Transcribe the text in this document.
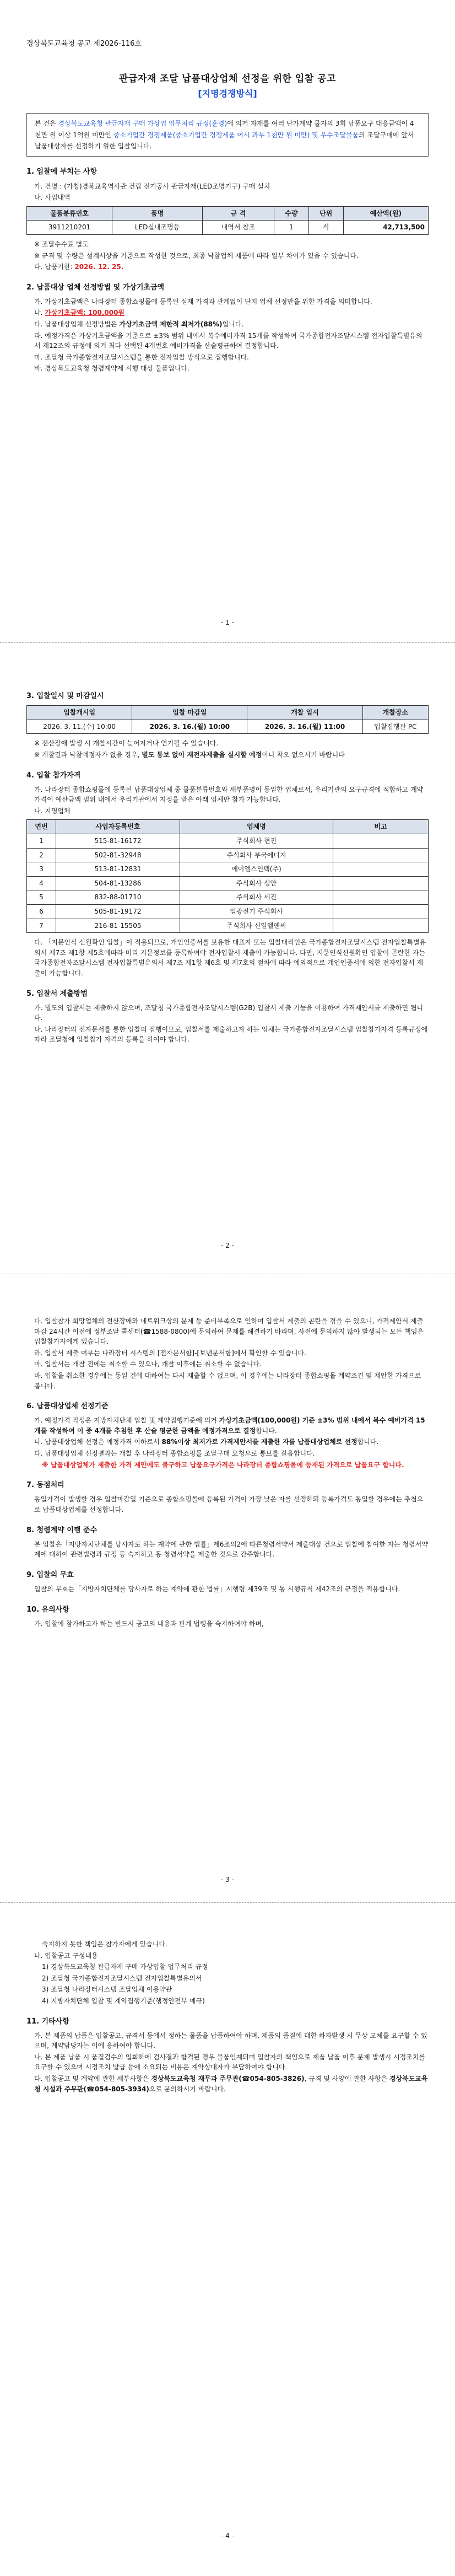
경상북도교육청 공고 제2026-116호
관급자재 조달 납품대상업체 선정을 위한 입찰 공고
[지명경쟁방식]
본 건은 경상북도교육청 관급자재 구매 가상업 업무처리 규정(훈령)에 의거 자재를 여러 단가계약 물자의 3회 납품요구 대응금액이 4천만 원 이상 1억원 미만인 중소기업간 경쟁제품(중소기업간 경쟁제품 여시 과부 1천만 원 미만) 및 우수조달물품의 조달구매에 앞서 납품대상자를 선정하기 위한 입찰입니다.
1. 입찰에 부치는 사항

가. 건명 : (가칭)경북교육역사관 건립 전기공사 관급자재(LED조명기구) 구매 설치

나. 사업내역

물품분류번호	품명	규 격	수량	단위	예산액(원)
3911210201	LED실내조명등	내역서 참조	1	식	42,713,500

※ 조달수수료 별도

※ 규격 및 수량은 설계서상을 기준으로 작성한 것으로, 최종 낙찰업체 제품에 따라 일부 차이가 있을 수 있습니다.

다. 납품기한: 2026. 12. 25.

2. 납품대상 업체 선정방법 및 가상기초금액

가. 가상기초금액은 나라장터 종합쇼핑몰에 등록된 실제 가격과 관계없이 단지 업체 선정만을 위한 가격을 의미합니다.

나. 가상기초금액: 100,000원

다. 납품대상업체 선정방법은 가상기초금액 제한적 최저가(88%)입니다.

라. 예정가격은 가상기초금액을 기준으로 ±3% 범위 내에서 복수예비가격 15개를 작성하여 국가종합전자조달시스템 전자입찰특별유의서 제12조의 규정에 의거 최다 선택된 4개번호 예비가격을 산술평균하여 결정합니다.

마. 조달청 국가종합전자조달시스템을 통한 전자입찰 방식으로 집행합니다.

바. 경상북도교육청 청렴계약제 시행 대상 물품입니다.

- 1 -
3. 입찰일시 및 마감일시
입찰개시일	입찰 마감일	개찰 일시	개찰장소
2026. 3. 11.(수) 10:00	2026. 3. 16.(월) 10:00	2026. 3. 16.(월) 11:00	입찰집행관 PC

※ 전산장애 발생 시 개찰시간이 늦어지거나 연기될 수 있습니다.

※ 개찰결과 낙찰예정자가 없을 경우, 별도 통보 없이 재전자제출을 실시할 예정이니 착오 없으시기 바랍니다

4. 입찰 참가자격

가. 나라장터 종합쇼핑몰에 등록된 납품대상업체 중 물품분류번호와 세부품명이 동일한 업체로서, 우리기관의 요구규격에 적합하고 계약가격이 예산금액 범위 내에서 우리기관에서 지정을 받은 아래 업체만 참가 가능합니다.

나. 지명업체

연번	사업자등록번호	업체명	비고
1	515-81-16172	주식회사 현진	
2	502-81-32948	주식회사 부국에너지	
3	513-81-12831	에이엘스인텍(주)	
4	504-81-13286	주식회사 성안	
5	832-88-01710	주식회사 세진	
6	505-81-19172	일광전기 주식회사	
7	216-81-15505	주식회사 신일엘앤씨	

다. 「지문인식 신원확인 입찰」이 적용되므로, 개인인증서를 보유한 대표자 또는 입찰대리인은 국가종합전자조달시스템 전자입찰특별유의서 제7조 제1항 제5호에따라 미리 지문정보를 등록하여야 전자입찰서 제출이 가능합니다. 다만, 지문인식신원확인 입찰이 곤란한 자는 국가종합전자조달시스템 전자입찰특별유의서 제7조 제1항 제6호 및 제7호의 절차에 따라 예외적으로 개인인증서에 의한 전자입찰서 제출이 가능합니다.

5. 입찰서 제출방법

가. 별도의 입찰서는 제출하지 않으며, 조달청 국가종합전자조달시스템(G2B) 입찰서 제출 기능을 이용하여 가격제안서를 제출하면 됩니다.

나. 나라장터의 전자문서를 통한 입찰의 집행이므로, 입찰서를 제출하고자 하는 업체는 국가종합전자조달시스템 입찰참가자격 등록규정에 따라 조달청에 입찰참가 자격의 등록을 하여야 합니다.

- 2 -

다. 입찰참가 희망업체의 전산장애와 네트워크상의 문제 등 준비부족으로 인하여 입찰서 제출의 곤란을 겪을 수 있으니, 가격제안서 제출 마감 24시간 이전에 정부조달 콜센터(☎1588-0800)에 문의하여 문제를 해결하기 바라며, 사전에 문의하지 않아 발생되는 모든 책임은 입찰참가자에게 있습니다.

라. 입찰서 제출 여부는 나라장터 시스템의 [전자문서함]-[보낸문서함]에서 확인할 수 있습니다.

마. 입찰서는 개찰 전에는 취소할 수 있으나, 개찰 이후에는 취소할 수 없습니다.

바. 입찰을 취소한 경우에는 동일 건에 대하여는 다시 제출할 수 없으며, 이 경우에는 나라장터 종합쇼핑몰 계약조건 및 제안한 가격으로 봅니다.

6. 납품대상업체 선정기준

가. 예정가격 작성은 지방자치단체 입찰 및 계약집행기준에 의거 가상기초금액(100,000원) 기준 ±3% 범위 내에서 복수 예비가격 15개를 작성하여 이 중 4개를 추첨한 후 산술 평균한 금액을 예정가격으로 결정합니다.

나. 납품대상업체 선정은 예정가격 이하로서 88%이상 최저가로 가격제안서를 제출한 자를 납품대상업체로 선정합니다.

다. 납품대상업체 선정결과는 개찰 후 나라장터 종합쇼핑몰 조달구매 요청으로 통보를 갈음합니다.

※ 납품대상업체가 제출한 가격 제안에도 불구하고 납품요구가격은 나라장터 종합쇼핑몰에 등재된 가격으로 납품요구 합니다.

7. 동점처리

동일가격이 발생할 경우 입찰마감일 기준으로 종합쇼핑몰에 등록된 가격이 가장 낮은 자를 선정하되 등록가격도 동일할 경우에는 추첨으로 납품대상업체를 선정합니다.

8. 청렴계약 이행 준수

본 입찰은「지방자치단체를 당사자로 하는 계약에 관한 법률」제6조의2에 따른청렴서약서 제출대상 건으로 입찰에 참여한 자는 청렴서약제에 대하여 관련법령과 규정 등 숙지하고 동 청렴서약을 제출한 것으로 간주합니다.

9. 입찰의 무효

입찰의 무효는「지방자치단체를 당사자로 하는 계약에 관한 법률」시행령 제39조 및 동 시행규칙 제42조의 규정을 적용합니다.

10. 유의사항

가. 입찰에 참가하고자 하는 반드시 공고의 내용과 관계 법령을 숙지하여야 하며,

- 3 -

숙지하지 못한 책임은 참가자에게 있습니다.

나. 입찰공고 구성내용

1) 경상북도교육청 관급자재 구매 가상입찰 업무처리 규정

2) 조달청 국가종합전자조달시스템 전자입찰특별유의서

3) 조달청 나라장터시스템 조달업체 이용약관

4) 지방자치단체 입찰 및 계약집행기준(행정안전부 예규)

11. 기타사항

가. 본 제품의 납품은 입찰공고, 규격서 등에서 정하는 물품을 납품하여야 하며, 제품의 품질에 대한 하자발생 시 무상 교체를 요구할 수 있으며, 계약담당자는 이에 응하여야 합니다.

나. 본 제품 납품 시 품질검수의 입회하에 검사결과 합격된 경우 물품인계되며 입찰자의 책임으로 제품 납품 이후 문제 발생시 시정조치를 요구할 수 있으며 시정조치 발급 등에 소요되는 비용은 계약상대자가 부담하여야 합니다.

다. 입찰공고 및 계약에 관한 세부사항은 경상북도교육청 재무과 주무관(☎054-805-3826), 규격 및 사양에 관한 사항은 경상북도교육청 시설과 주무관(☎054-805-3934)으로 문의하시기 바랍니다.

- 4 -
